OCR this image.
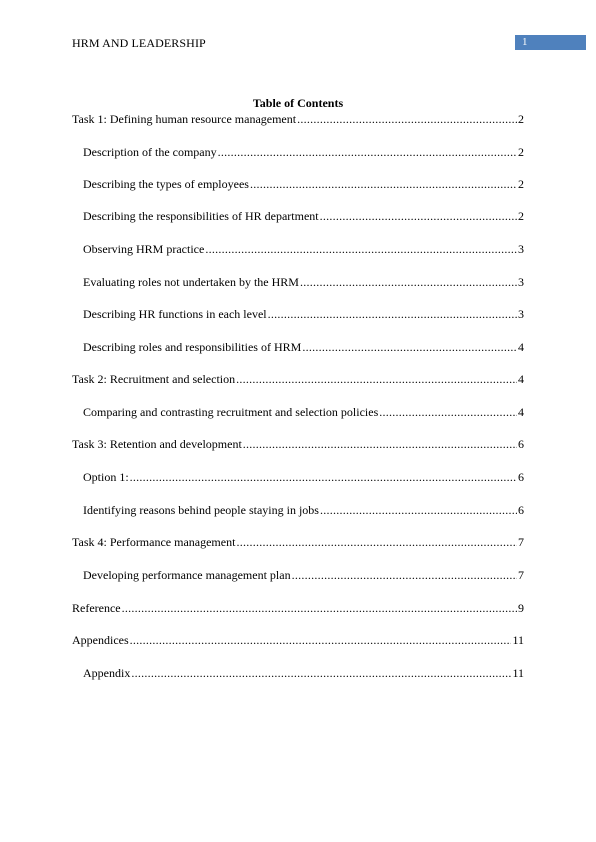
HRM AND LEADERSHIP	1
Table of Contents
Task 1: Defining human resource management .....	2
Description of the company .....	2
Describing the types of employees .....	2
Describing the responsibilities of HR department .....	2
Observing HRM practice .....	3
Evaluating roles not undertaken by the HRM .....	3
Describing HR functions in each level .....	3
Describing roles and responsibilities of HRM .....	4
Task 2: Recruitment and selection .....	4
Comparing and contrasting recruitment and selection policies .....	4
Task 3: Retention and development .....	6
Option 1: .....	6
Identifying reasons behind people staying in jobs .....	6
Task 4: Performance management .....	7
Developing performance management plan .....	7
Reference .....	9
Appendices .....	11
Appendix .....	11
